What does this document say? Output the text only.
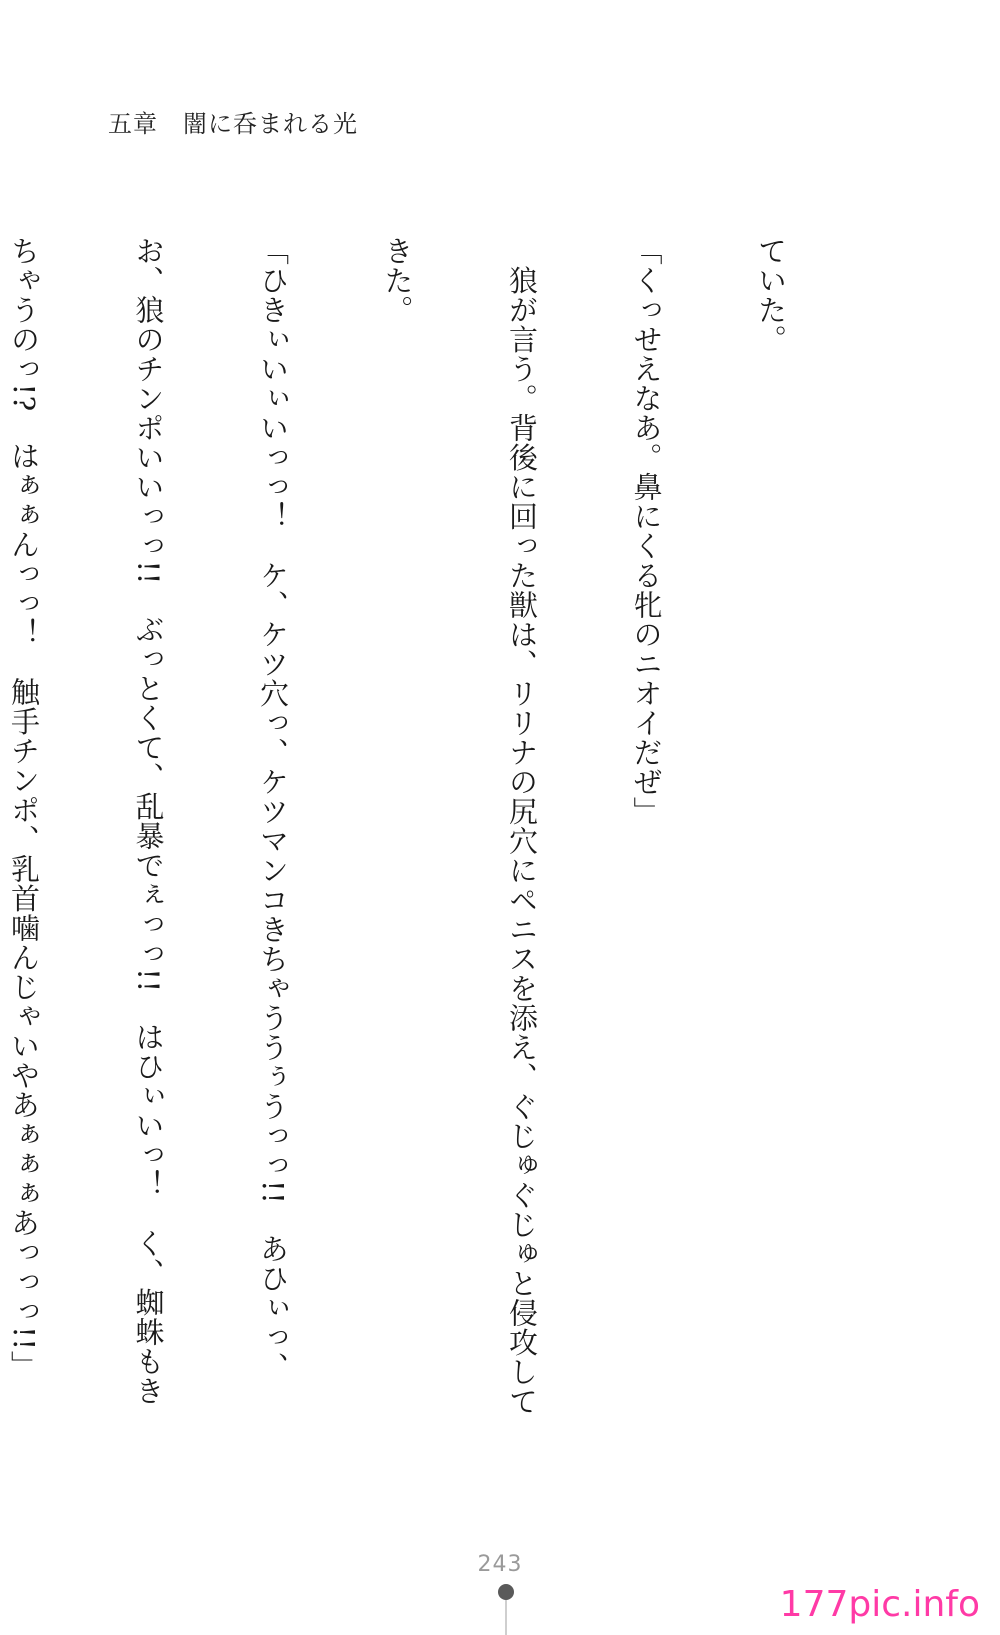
五章　闇に呑まれる光

ていた。

「くっせえなあ。鼻にくる牝のニオイだぜ」

　狼が言う。背後に回った獣は、リリナの尻穴にペニスを添え、ぐじゅぐじゅと侵攻して

きた。

「ひきぃいぃいっっ！　ケ、ケツ穴っ、ケツマンコきちゃううぅうっっ!!　あひぃっ、

お、狼のチンポいいっっ!!　ぶっとくて、乱暴でぇっっ!!　はひぃいっ！　く、蜘蛛もき

ちゃうのっ!?　はぁぁんっっ！　触手チンポ、乳首噛んじゃいやあぁぁぁあっっっ!!」

243
177pic.info
